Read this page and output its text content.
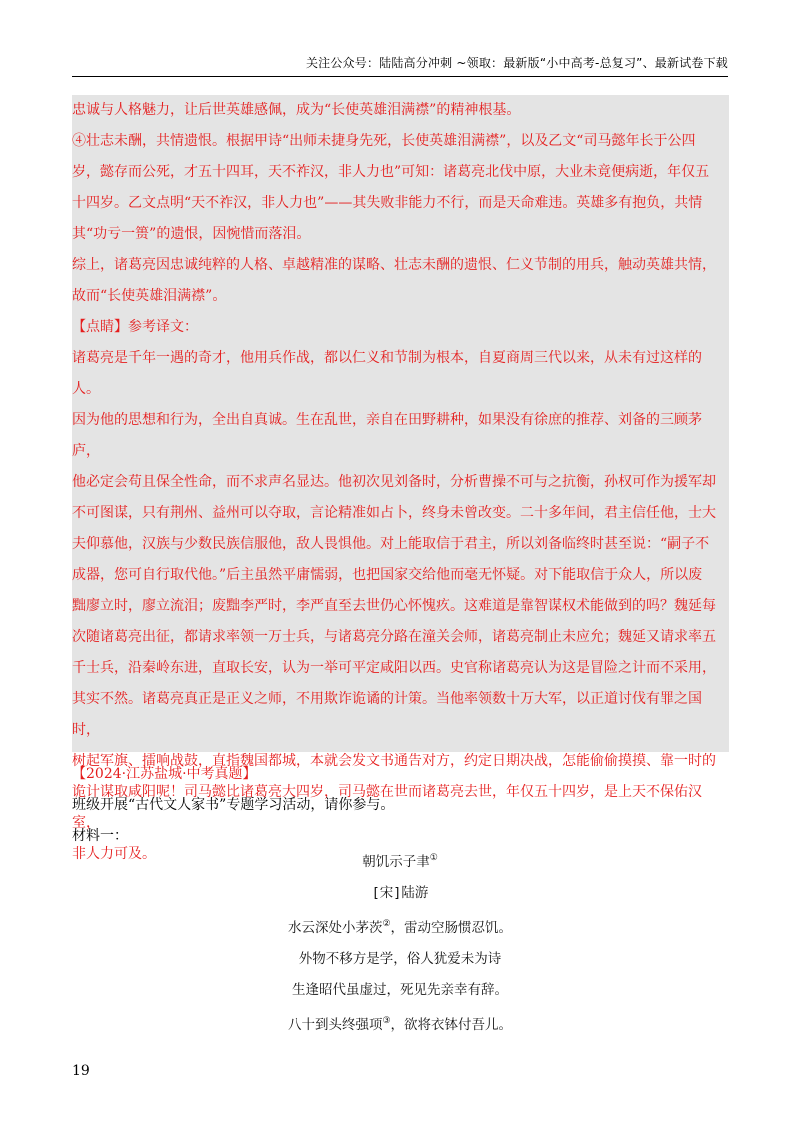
关注公众号：陆陆高分冲刺 ~领取：最新版“小中高考-总复习”、最新试卷下载

忠诚与人格魅力，让后世英雄感佩，成为“长使英雄泪满襟”的精神根基。

④壮志未酬，共情遗恨。根据甲诗“出师未捷身先死，长使英雄泪满襟”，以及乙文“司马懿年长于公四

岁，懿存而公死，才五十四耳，天不祚汉，非人力也”可知：诸葛亮北伐中原，大业未竟便病逝，年仅五

十四岁。乙文点明“天不祚汉，非人力也”——其失败非能力不行，而是天命难违。英雄多有抱负，共情

其“功亏一篑”的遗恨，因惋惜而落泪。

综上，诸葛亮因忠诚纯粹的人格、卓越精准的谋略、壮志未酬的遗恨、仁义节制的用兵，触动英雄共情，

故而“长使英雄泪满襟”。

【点睛】参考译文：

诸葛亮是千年一遇的奇才，他用兵作战，都以仁义和节制为根本，自夏商周三代以来，从未有过这样的人。

因为他的思想和行为，全出自真诚。生在乱世，亲自在田野耕种，如果没有徐庶的推荐、刘备的三顾茅庐，

他必定会苟且保全性命，而不求声名显达。他初次见刘备时，分析曹操不可与之抗衡，孙权可作为援军却

不可图谋，只有荆州、益州可以夺取，言论精准如占卜，终身未曾改变。二十多年间，君主信任他，士大

夫仰慕他，汉族与少数民族信服他，敌人畏惧他。对上能取信于君主，所以刘备临终时甚至说：“嗣子不

成器，您可自行取代他。”后主虽然平庸懦弱，也把国家交给他而毫无怀疑。对下能取信于众人，所以废

黜廖立时，廖立流泪；废黜李严时，李严直至去世仍心怀愧疚。这难道是靠智谋权术能做到的吗？魏延每

次随诸葛亮出征，都请求率领一万士兵，与诸葛亮分路在潼关会师，诸葛亮制止未应允；魏延又请求率五

千士兵，沿秦岭东进，直取长安，认为一举可平定咸阳以西。史官称诸葛亮认为这是冒险之计而不采用，

其实不然。诸葛亮真正是正义之师，不用欺诈诡谲的计策。当他率领数十万大军，以正道讨伐有罪之国时，

树起军旗、擂响战鼓，直指魏国都城，本就会发文书通告对方，约定日期决战，怎能偷偷摸摸、靠一时的

诡计谋取咸阳呢！司马懿比诸葛亮大四岁，司马懿在世而诸葛亮去世，年仅五十四岁，是上天不保佑汉室，

非人力可及。

【2024·江苏盐城·中考真题】

班级开展“古代文人家书”专题学习活动，请你参与。

材料一：

朝饥示子聿①
[宋]陆游
水云深处小茅茨②，雷动空肠惯忍饥。
外物不移方是学，俗人犹爱未为诗
生逢昭代虽虚过，死见先亲幸有辞。
八十到头终强项③，欲将衣钵付吾儿。
19
